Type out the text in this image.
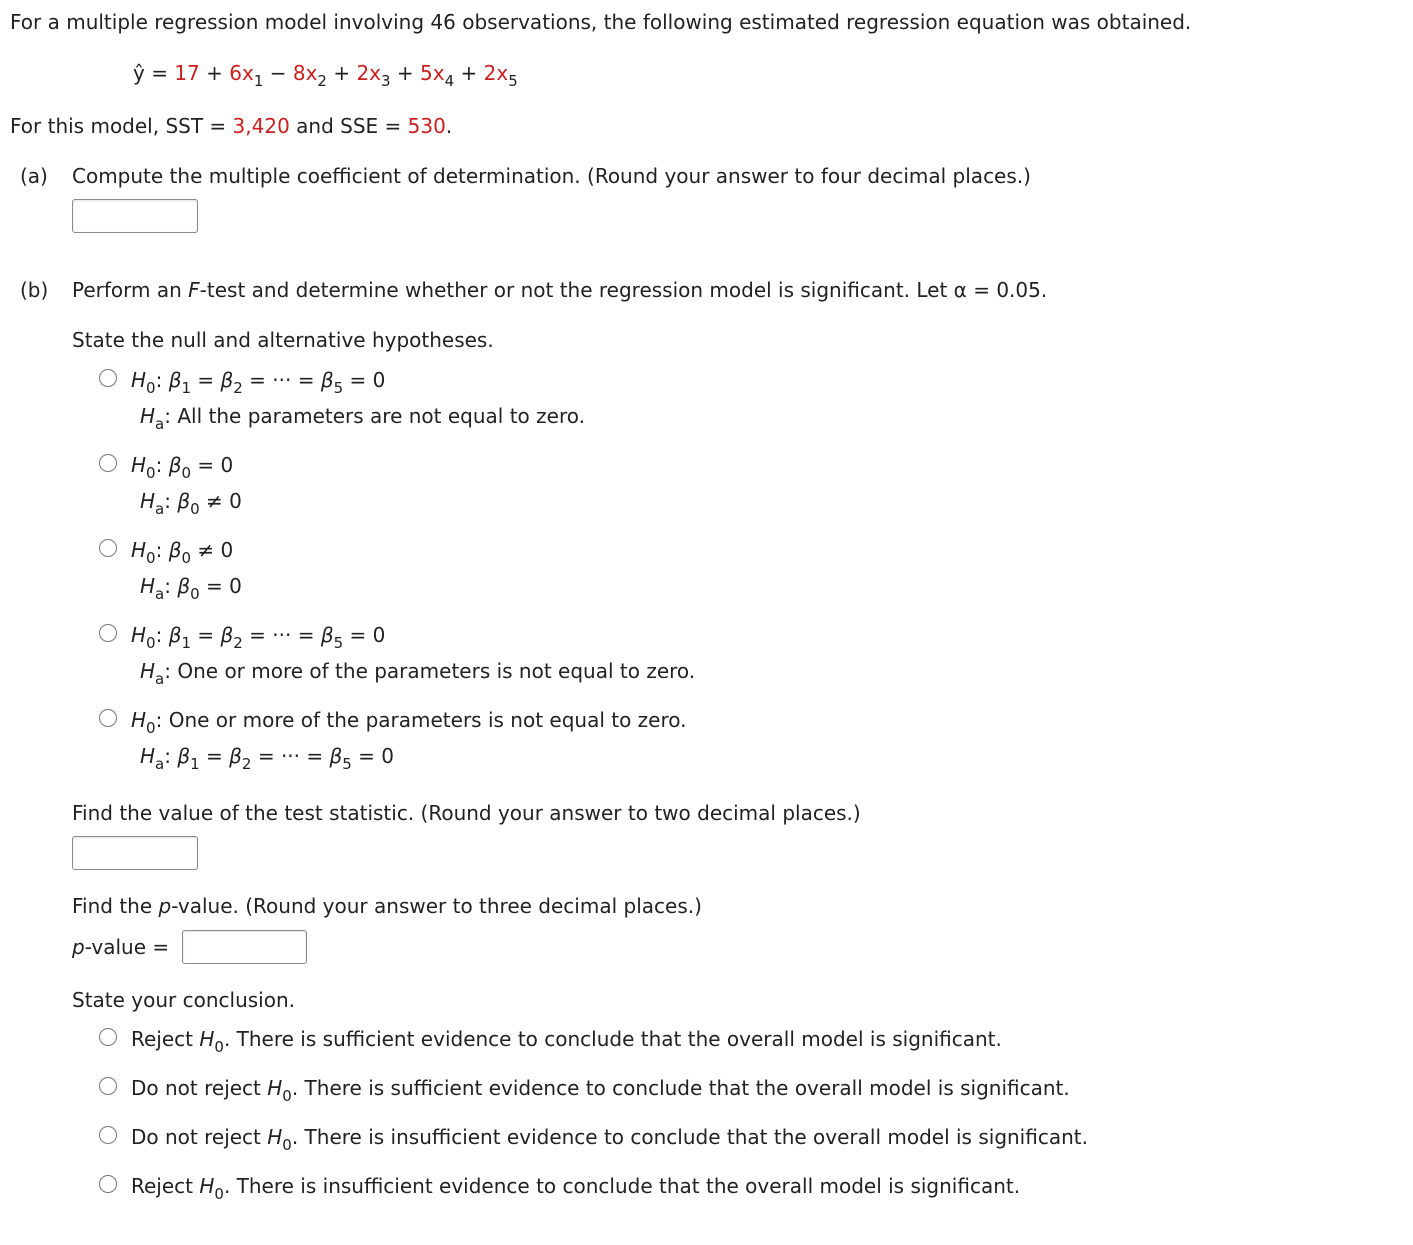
For a multiple regression model involving 46 observations, the following estimated regression equation was obtained.
ŷ = $17 + 6x_1 - 8x_2 + 2x_3 + 5x_4 + 2x_5$
For this model, SST = 3,420 and SSE = 530.
(a) Compute the multiple coefficient of determination. (Round your answer to four decimal places.)
(b) Perform an F-test and determine whether or not the regression model is significant. Let α = 0.05.
State the null and alternative hypotheses.
$H_0$: $\beta_1 = \beta_2$ = ··· = $\beta_5 = 0$
$H_a$: All the parameters are not equal to zero.
$H_0$: $\beta_0 = 0$
$H_a$: $\beta_0 \ne 0$
$H_0$: $\beta_0 \ne 0$
$H_a$: $\beta_0 = 0$
$H_0$: $\beta_1 = \beta_2$ = ··· = $\beta_5 = 0$
$H_a$: One or more of the parameters is not equal to zero.
$H_0$: One or more of the parameters is not equal to zero.
$H_a$: $\beta_1 = \beta_2$ = ··· = $\beta_5 = 0$
Find the value of the test statistic. (Round your answer to two decimal places.)
Find the p-value. (Round your answer to three decimal places.)
p-value =
State your conclusion.
Reject $H_0$. There is sufficient evidence to conclude that the overall model is significant.
Do not reject $H_0$. There is sufficient evidence to conclude that the overall model is significant.
Do not reject $H_0$. There is insufficient evidence to conclude that the overall model is significant.
Reject $H_0$. There is insufficient evidence to conclude that the overall model is significant.
